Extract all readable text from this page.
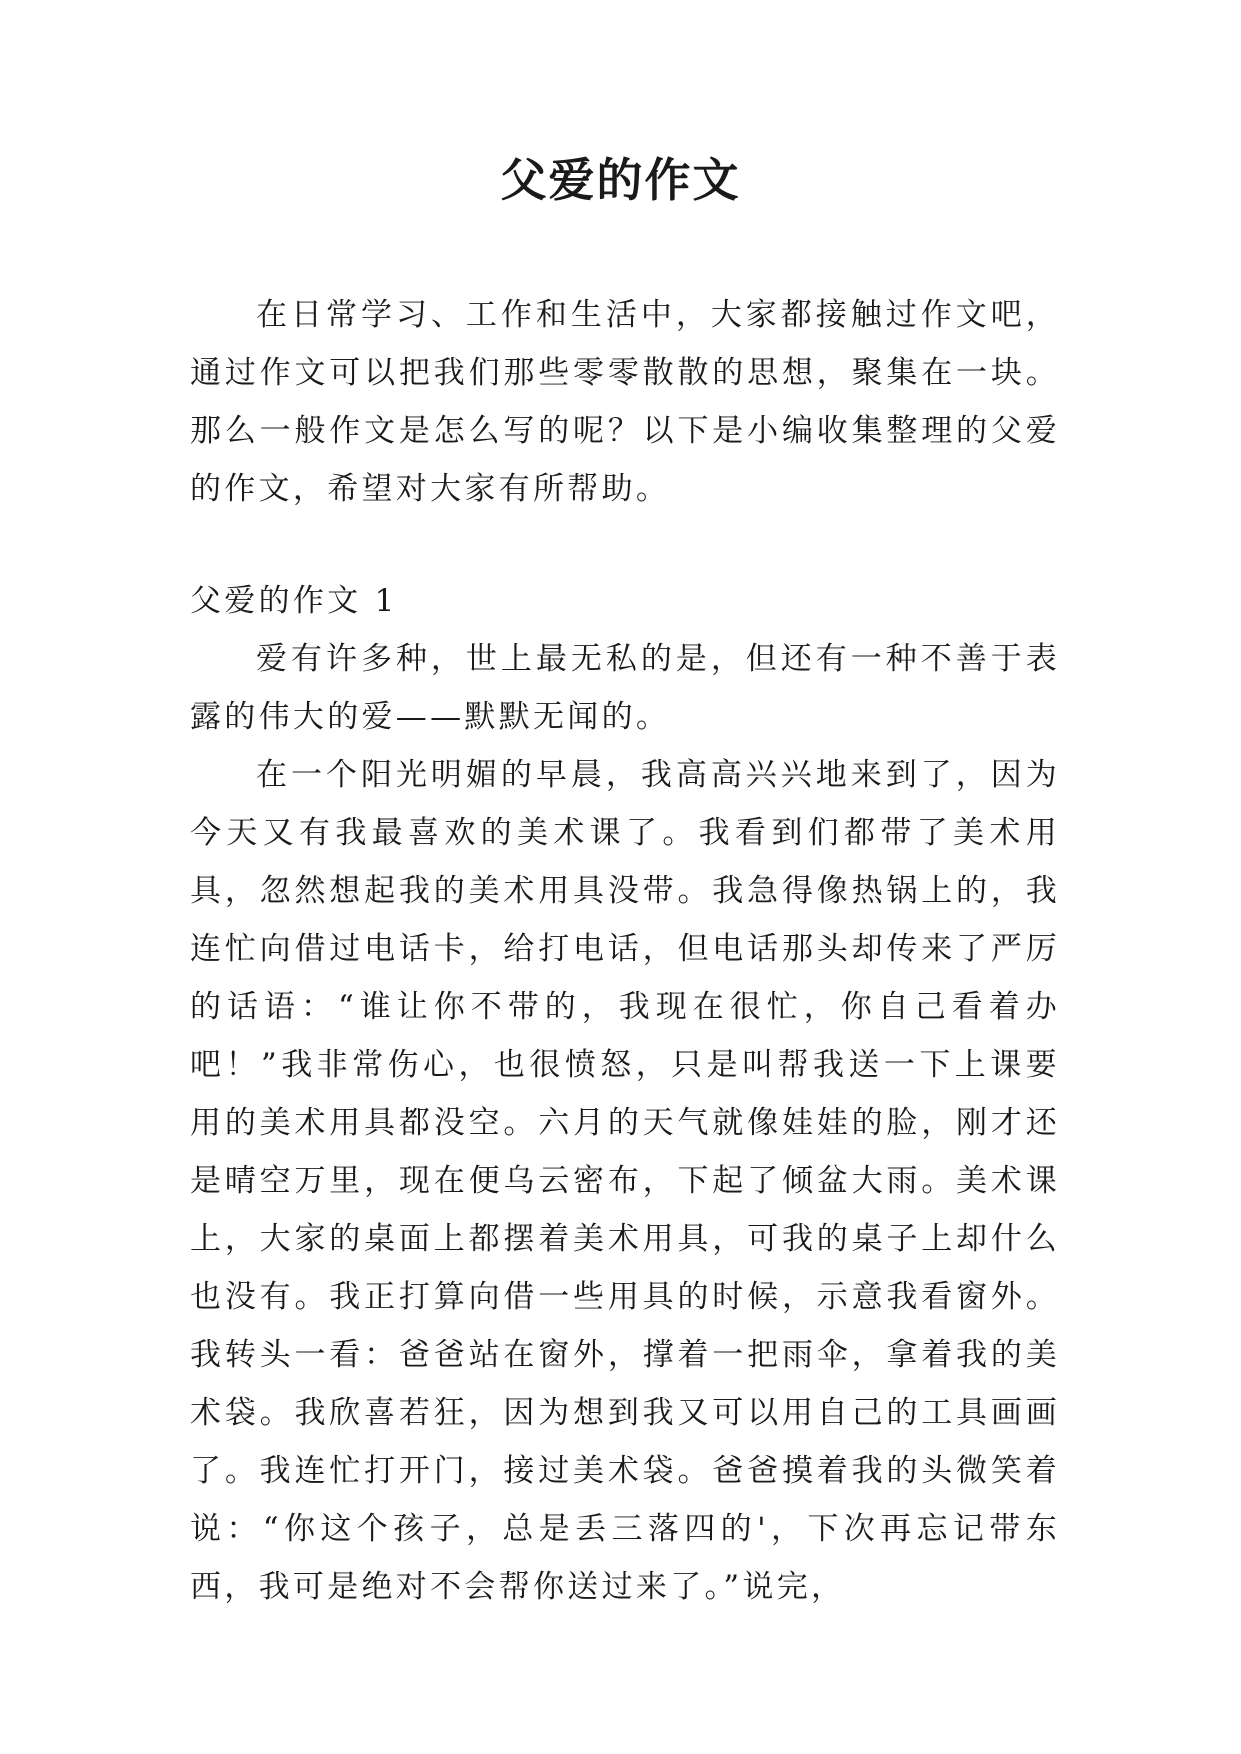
父爱的作文

在日常学习、工作和生活中，大家都接触过作文吧，通过作文可以把我们那些零零散散的思想，聚集在一块。那么一般作文是怎么写的呢？以下是小编收集整理的父爱的作文，希望对大家有所帮助。

父爱的作文 1

爱有许多种，世上最无私的是，但还有一种不善于表露的伟大的爱——默默无闻的。

在一个阳光明媚的早晨，我高高兴兴地来到了，因为今天又有我最喜欢的美术课了。我看到们都带了美术用具，忽然想起我的美术用具没带。我急得像热锅上的，我连忙向借过电话卡，给打电话，但电话那头却传来了严厉的话语：“谁让你不带的，我现在很忙，你自己看着办吧！”我非常伤心，也很愤怒，只是叫帮我送一下上课要用的美术用具都没空。六月的天气就像娃娃的脸，刚才还是晴空万里，现在便乌云密布，下起了倾盆大雨。美术课上，大家的桌面上都摆着美术用具，可我的桌子上却什么也没有。我正打算向借一些用具的时候，示意我看窗外。我转头一看：爸爸站在窗外，撑着一把雨伞，拿着我的美术袋。我欣喜若狂，因为想到我又可以用自己的工具画画了。我连忙打开门，接过美术袋。爸爸摸着我的头微笑着说：“你这个孩子，总是丢三落四的'，下次再忘记带东西，我可是绝对不会帮你送过来了。”说完，
